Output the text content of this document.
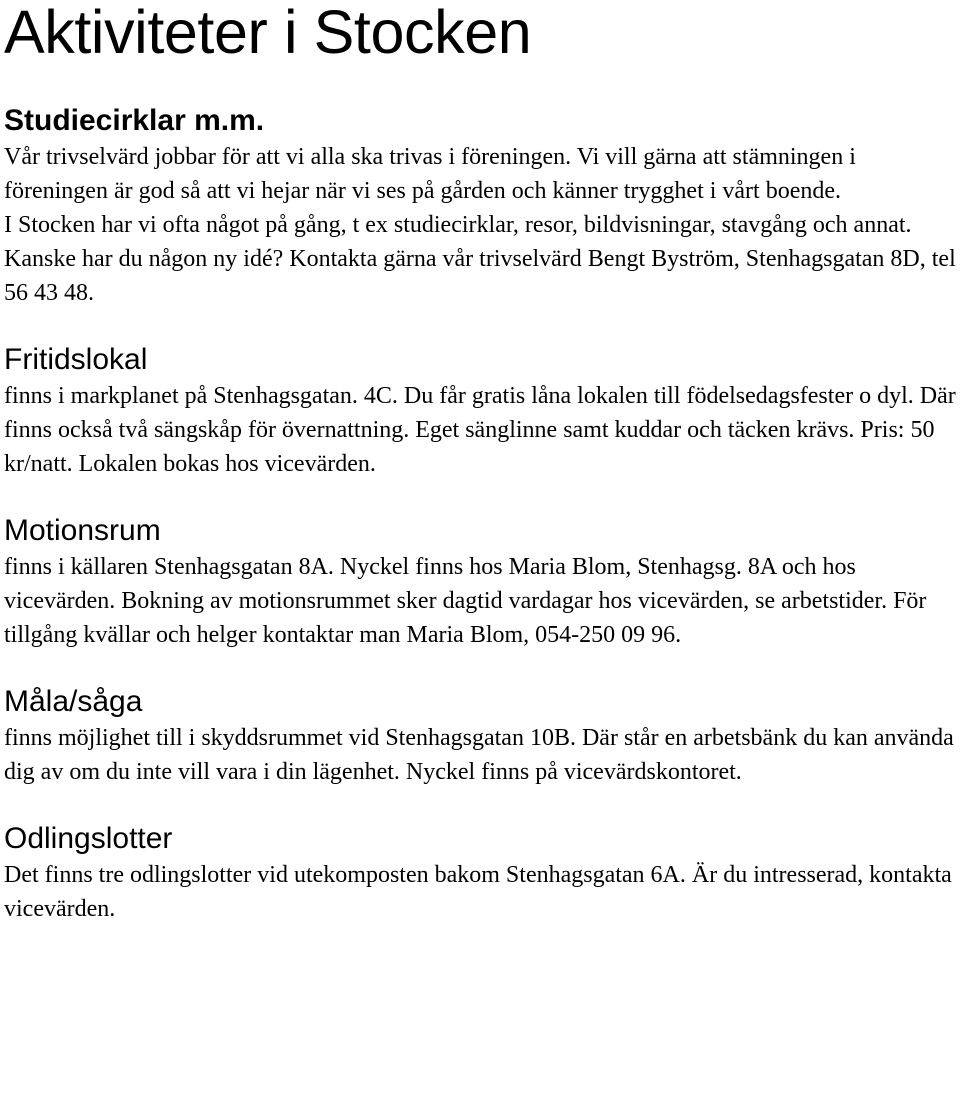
Aktiviteter i Stocken
Studiecirklar m.m.

Vår trivselvärd jobbar för att vi alla ska trivas i föreningen. Vi vill gärna att stämningen i föreningen är god så att vi hejar när vi ses på gården och känner trygghet i vårt boende.

I Stocken har vi ofta något på gång, t ex studiecirklar, resor, bildvisningar, stavgång och annat. Kanske har du någon ny idé? Kontakta gärna vår trivselvärd Bengt Byström, Stenhagsgatan 8D, tel 56 43 48.

Fritidslokal

finns i markplanet på Stenhagsgatan. 4C. Du får gratis låna lokalen till födelsedagsfester o dyl. Där finns också två sängskåp för övernattning. Eget sänglinne samt kuddar och täcken krävs. Pris: 50 kr/natt. Lokalen bokas hos vicevärden.

Motionsrum

finns i källaren Stenhagsgatan 8A. Nyckel finns hos Maria Blom, Stenhagsg. 8A och hos vicevärden. Bokning av motionsrummet sker dagtid vardagar hos vicevärden, se arbetstider. För tillgång kvällar och helger kontaktar man Maria Blom, 054-250 09 96.

Måla/såga

finns möjlighet till i skyddsrummet vid Stenhagsgatan 10B. Där står en arbetsbänk du kan använda dig av om du inte vill vara i din lägenhet. Nyckel finns på vicevärdskontoret.

Odlingslotter

Det finns tre odlingslotter vid utekomposten bakom Stenhagsgatan 6A. Är du intresserad, kontakta vicevärden.
